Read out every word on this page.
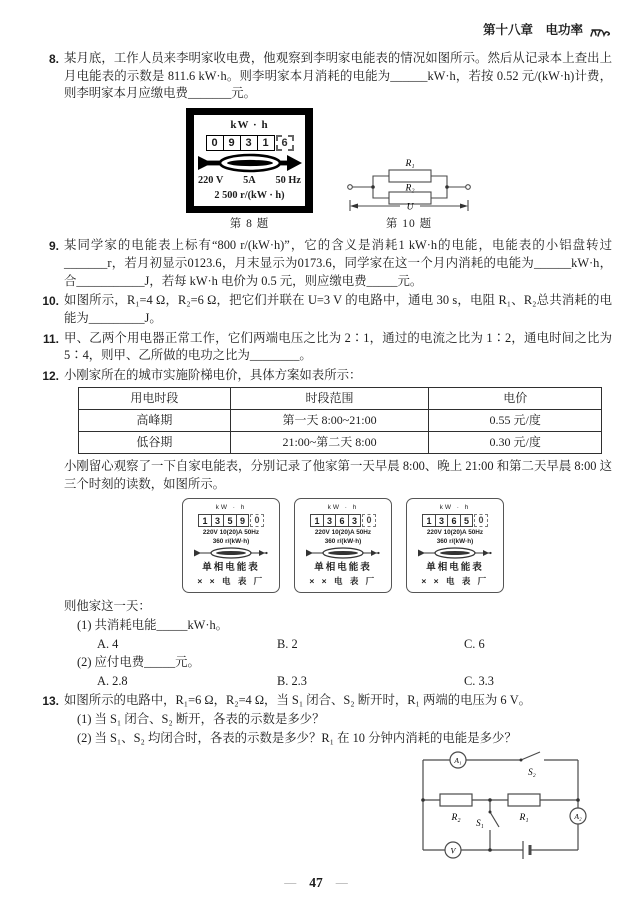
第十八章　电功率
8. 某月底，工作人员来李明家收电费，他观察到李明家电能表的情况如图所示。然后从记录本上查出上月电能表的示数是 811.6 kW·h。则李明家本月消耗的电能为______kW·h，若按 0.52 元/(kW·h)计费，则李明家本月应缴电费_______元。
kW · h
0 9 3 1	6
220 V 5A 50 Hz
2 500 r/(kW · h)
第 8 题
R₁
R₂
U
第 10 题
9. 某同学家的电能表上标有“800 r/(kW·h)”，它的含义是消耗1 kW·h的电能，电能表的小铝盘转过_______r，若月初显示0123.6，月末显示为0173.6，同学家在这一个月内消耗的电能为______kW·h，合___________J，若每 kW·h 电价为 0.5 元，则应缴电费_____元。
10. 如图所示，R₁=4 Ω，R₂=6 Ω，把它们并联在 U=3 V 的电路中，通电 30 s，电阻 R₁、R₂总共消耗的电能为_________J。
11. 甲、乙两个用电器正常工作，它们两端电压之比为 2∶1，通过的电流之比为 1∶2，通电时间之比为 5∶4，则甲、乙所做的电功之比为________。
12. 小刚家所在的城市实施阶梯电价，具体方案如表所示：
用电时段	时段范围	电价
高峰期	第一天 8:00~21:00	0.55 元/度
低谷期	21:00~第二天 8:00	0.30 元/度
小刚留心观察了一下自家电能表，分别记录了他家第一天早晨 8:00、晚上 21:00 和第二天早晨 8:00 这三个时刻的读数，如图所示。
kW · h
1 3 5 9	0
220V 10(20)A 50Hz
360 r/(kW·h)
单相电能表
× × 电 表 厂
kW · h
1 3 6 3	0
220V 10(20)A 50Hz
360 r/(kW·h)
单相电能表
× × 电 表 厂
kW · h
1 3 6 5	0
220V 10(20)A 50Hz
360 r/(kW·h)
单相电能表
× × 电 表 厂
则他家这一天：
(1) 共消耗电能_____kW·h。
A. 4	B. 2	C. 6
(2) 应付电费_____元。
A. 2.8	B. 2.3	C. 3.3
13. 如图所示的电路中，R₁=6 Ω，R₂=4 Ω，当 S₁ 闭合、S₂ 断开时，R₁ 两端的电压为 6 V。
(1) 当 S₁ 闭合、S₂ 断开，各表的示数是多少？
(2) 当 S₁、S₂ 均闭合时，各表的示数是多少？R₁ 在 10 分钟内消耗的电能是多少？
A₁
A₂
V
S₂
S₁
R₂	R₁
— 47 —
